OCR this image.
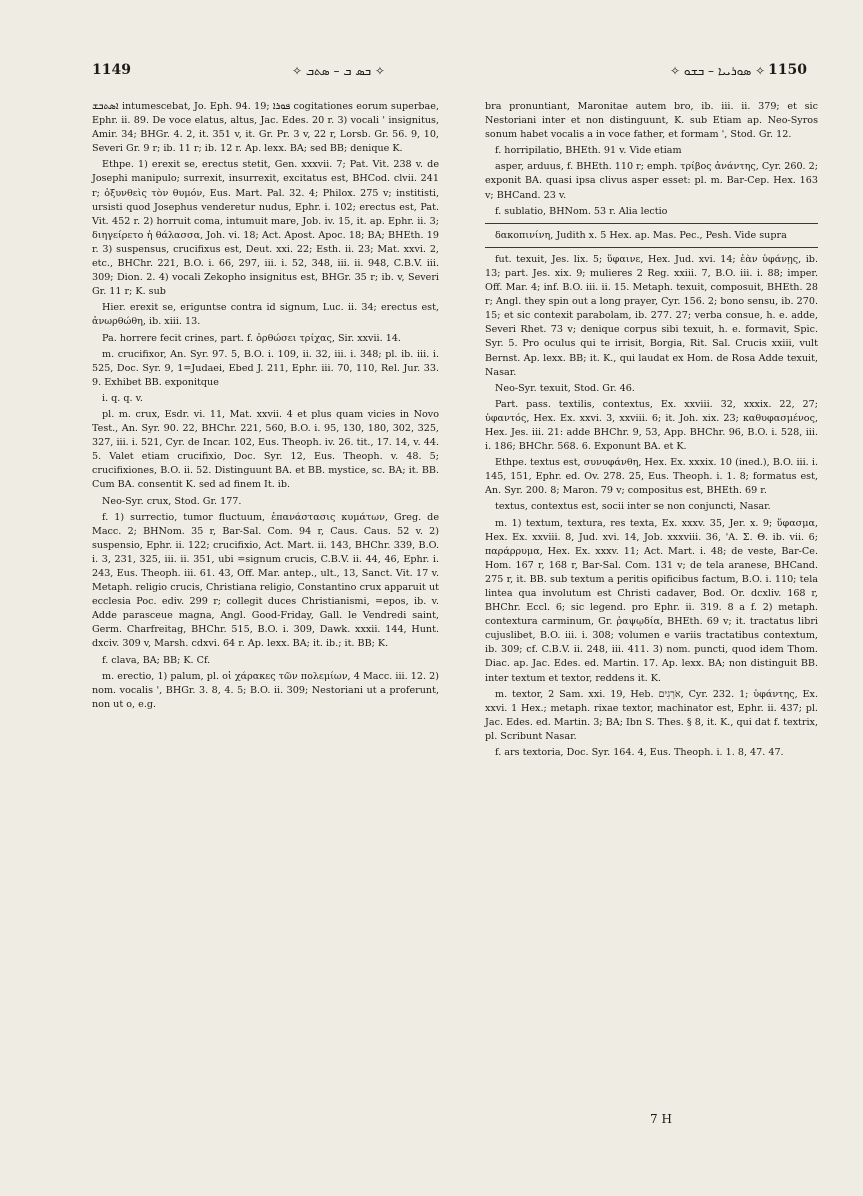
1149	✧ ܒܣ ܒ – ܣܬܒ ✧	✧ ܣܘܪܝܝܐ – ܒܫܘ ✧ 1150

ܐܣܬܒܫ intumescebat, Jo. Eph. 94. 19; ܦܘܪܐ cogitationes eorum superbae, Ephr. ii. 89. De voce elatus, altus, Jac. Edes. 20 r. 3) vocali ' insignitus, Amir. 34; BHGr. 4. 2, it. 351 v, it. Gr. Pr. 3 v, 22 r, Lorsb. Gr. 56. 9, 10, Severi Gr. 9 r; ib. 11 r; ib. 12 r. Ap. lexx. BA; sed BB; denique K.

Ethpe. 1) erexit se, erectus stetit, Gen. xxxvii. 7; Pat. Vit. 238 v. de Josephi manipulo; surrexit, insurrexit, excitatus est, BHCod. clvii. 241 r; ὀξυνθεὶς τὸν θυμόν, Eus. Mart. Pal. 32. 4; Philox. 275 v; institisti, ursisti quod Josephus venderetur nudus, Ephr. i. 102; erectus est, Pat. Vit. 452 r. 2) horruit coma, intumuit mare, Job. iv. 15, it. ap. Ephr. ii. 3; διηγείρετο ἡ θάλασσα, Joh. vi. 18; Act. Apost. Apoc. 18; BA; BHEth. 19 r. 3) suspensus, crucifixus est, Deut. xxi. 22; Esth. ii. 23; Mat. xxvi. 2, etc., BHChr. 221, B.O. i. 66, 297, iii. i. 52, 348, iii. ii. 948, C.B.V. iii. 309; Dion. 2. 4) vocali Zekopho insignitus est, BHGr. 35 r; ib. v, Severi Gr. 11 r; K. sub

Hier. erexit se, eriguntse contra id signum, Luc. ii. 34; erectus est, ἀνωρθώθη, ib. xiii. 13.

Pa. horrere fecit crines, part. f. ὀρθώσει τρίχας, Sir. xxvii. 14.

m. crucifixor, An. Syr. 97. 5, B.O. i. 109, ii. 32, iii. i. 348; pl. ib. iii. i. 525, Doc. Syr. 9, 1=Judaei, Ebed J. 211, Ephr. iii. 70, 110, Rel. Jur. 33. 9. Exhibet BB. exponitque

i. q. q. v.

pl. m. crux, Esdr. vi. 11, Mat. xxvii. 4 et plus quam vicies in Novo Test., An. Syr. 90. 22, BHChr. 221, 560, B.O. i. 95, 130, 180, 302, 325, 327, iii. i. 521, Cyr. de Incar. 102, Eus. Theoph. iv. 26. tit., 17. 14, v. 44. 5. Valet etiam crucifixio, Doc. Syr. 12, Eus. Theoph. v. 48. 5; crucifixiones, B.O. ii. 52. Distinguunt BA. et BB. mystice, sc. BA; it. BB. Cum BA. consentit K. sed ad finem It. ib.

Neo-Syr. crux, Stod. Gr. 177.

f. 1) surrectio, tumor fluctuum, ἐπανάστασις κυμάτων, Greg. de Macc. 2; BHNom. 35 r, Bar-Sal. Com. 94 r, Caus. Caus. 52 v. 2) suspensio, Ephr. ii. 122; crucifixio, Act. Mart. ii. 143, BHChr. 339, B.O. i. 3, 231, 325, iii. ii. 351, ubi =signum crucis, C.B.V. ii. 44, 46, Ephr. i. 243, Eus. Theoph. iii. 61. 43, Off. Mar. antep., ult., 13, Sanct. Vit. 17 v. Metaph. religio crucis, Christiana religio, Constantino crux apparuit ut ecclesia Poc. ediv. 299 r; collegit duces Christianismi, =epos, ib. v. Adde parasceue magna, Angl. Good-Friday, Gall. le Vendredi saint, Germ. Charfreitag, BHChr. 515, B.O. i. 309, Dawk. xxxii. 144, Hunt. dxciv. 309 v, Marsh. cdxvi. 64 r. Ap. lexx. BA; it. ib.; it. BB; K.

f. clava, BA; BB; K. Cf.

m. erectio, 1) palum, pl. οἱ χάρακες τῶν πολεμίων, 4 Macc. iii. 12. 2) nom. vocalis ', BHGr. 3. 8, 4. 5; B.O. ii. 309; Nestoriani ut a proferunt, non ut o, e.g.

bra pronuntiant, Maronitae autem bro, ib. iii. ii. 379; et sic Nestoriani inter et non distinguunt, K. sub Etiam ap. Neo-Syros sonum habet vocalis a in voce father, et formam ', Stod. Gr. 12.

f. horripilatio, BHEth. 91 v. Vide etiam

asper, arduus, f. BHEth. 110 r; emph. τρίβος ἀνάντης, Cyr. 260. 2; exponit BA. quasi ipsa clivus asper esset: pl. m. Bar-Cep. Hex. 163 v; BHCand. 23 v.

f. sublatio, BHNom. 53 r. Alia lectio

δακοπινίνη, Judith x. 5 Hex. ap. Mas. Pec., Pesh. Vide supra

fut. texuit, Jes. lix. 5; ὕφαινε, Hex. Jud. xvi. 14; ἐὰν ὑφάνῃς, ib. 13; part. Jes. xix. 9; mulieres 2 Reg. xxiii. 7, B.O. iii. i. 88; imper. Off. Mar. 4; inf. B.O. iii. ii. 15. Metaph. texuit, composuit, BHEth. 28 r; Angl. they spin out a long prayer, Cyr. 156. 2; bono sensu, ib. 270. 15; et sic contexit parabolam, ib. 277. 27; verba consue, h. e. adde, Severi Rhet. 73 v; denique corpus sibi texuit, h. e. formavit, Spic. Syr. 5. Pro oculus qui te irrisit, Borgia, Rit. Sal. Crucis xxiii, vult Bernst. Ap. lexx. BB; it. K., qui laudat ex Hom. de Rosa Adde texuit, Nasar.

Neo-Syr. texuit, Stod. Gr. 46.

Part. pass. textilis, contextus, Ex. xxviii. 32, xxxix. 22, 27; ὑφαντός, Hex. Ex. xxvi. 3, xxviii. 6; it. Joh. xix. 23; καθυφασμένος, Hex. Jes. iii. 21: adde BHChr. 9, 53, App. BHChr. 96, B.O. i. 528, iii. i. 186; BHChr. 568. 6. Exponunt BA. et K.

Ethpe. textus est, συνυφάνθη, Hex. Ex. xxxix. 10 (ined.), B.O. iii. i. 145, 151, Ephr. ed. Ov. 278. 25, Eus. Theoph. i. 1. 8; formatus est, An. Syr. 200. 8; Maron. 79 v; compositus est, BHEth. 69 r.

textus, contextus est, socii inter se non conjuncti, Nasar.

m. 1) textum, textura, res texta, Ex. xxxv. 35, Jer. x. 9; ὕφασμα, Hex. Ex. xxviii. 8, Jud. xvi. 14, Job. xxxviii. 36, 'Α. Σ. Θ. ib. vii. 6; παράρρυμα, Hex. Ex. xxxv. 11; Act. Mart. i. 48; de veste, Bar-Ce. Hom. 167 r, 168 r, Bar-Sal. Com. 131 v; de tela aranese, BHCand. 275 r, it. BB. sub textum a peritis opificibus factum, B.O. i. 110; tela lintea qua involutum est Christi cadaver, Bod. Or. dcxliv. 168 r, BHChr. Eccl. 6; sic legend. pro Ephr. ii. 319. 8 a f. 2) metaph. contextura carminum, Gr. ῥαψῳδία, BHEth. 69 v; it. tractatus libri cujuslibet, B.O. iii. i. 308; volumen e variis tractatibus contextum, ib. 309; cf. C.B.V. ii. 248, iii. 411. 3) nom. puncti, quod idem Thom. Diac. ap. Jac. Edes. ed. Martin. 17. Ap. lexx. BA; non distinguit BB. inter textum et textor, reddens it. K.

m. textor, 2 Sam. xxi. 19, Heb. אֹרְגִים, Cyr. 232. 1; ὑφάντης, Ex. xxvi. 1 Hex.; metaph. rixae textor, machinator est, Ephr. ii. 437; pl. Jac. Edes. ed. Martin. 3; BA; Ibn S. Thes. § 8, it. K., qui dat f. textrix, pl. Scribunt Nasar.

f. ars textoria, Doc. Syr. 164. 4, Eus. Theoph. i. 1. 8, 47. 47.

7 H
